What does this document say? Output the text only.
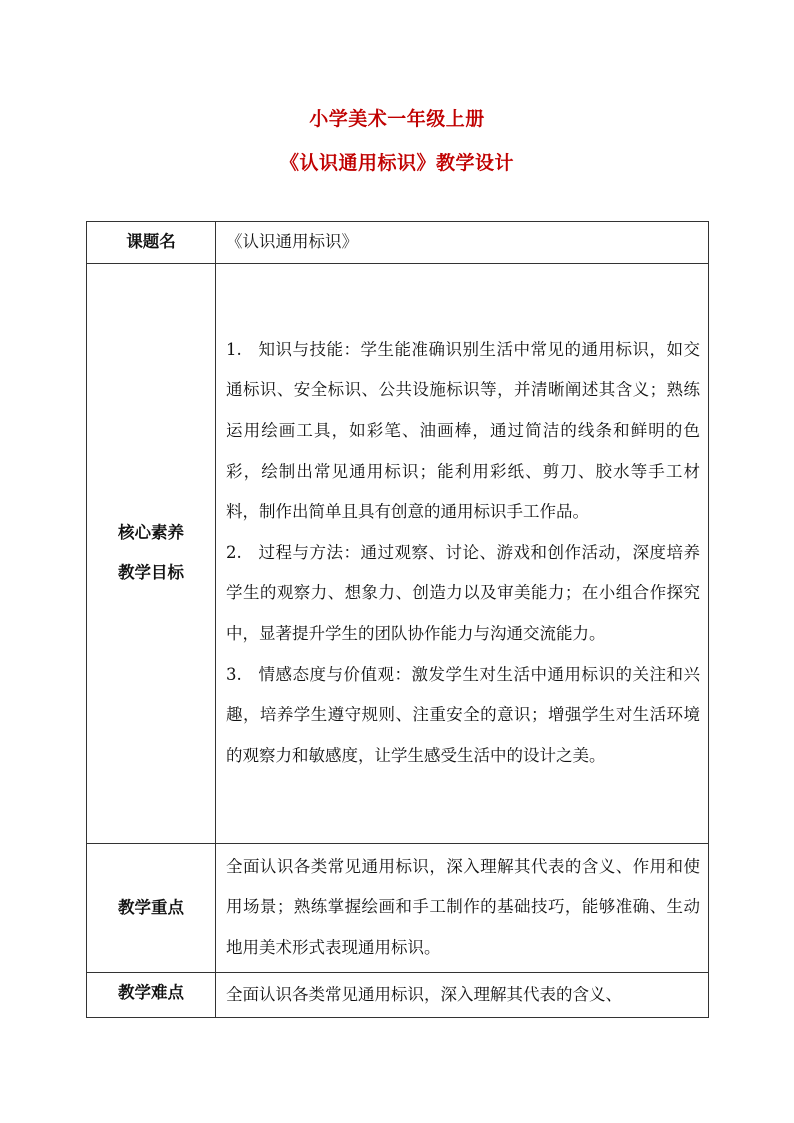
小学美术一年级上册
《认识通用标识》教学设计
课题名	《认识通用标识》

核心素养
教学目标	1. 知识与技能：学生能准确识别生活中常见的通用标识，如交通标识、安全标识、公共设施标识等，并清晰阐述其含义；熟练运用绘画工具，如彩笔、油画棒，通过简洁的线条和鲜明的色彩，绘制出常见通用标识；能利用彩纸、剪刀、胶水等手工材料，制作出简单且具有创意的通用标识手工作品。
2. 过程与方法：通过观察、讨论、游戏和创作活动，深度培养学生的观察力、想象力、创造力以及审美能力；在小组合作探究中，显著提升学生的团队协作能力与沟通交流能力。
3. 情感态度与价值观：激发学生对生活中通用标识的关注和兴趣，培养学生遵守规则、注重安全的意识；增强学生对生活环境的观察力和敏感度，让学生感受生活中的设计之美。

教学重点	全面认识各类常见通用标识，深入理解其代表的含义、作用和使用场景；熟练掌握绘画和手工制作的基础技巧，能够准确、生动地用美术形式表现通用标识。
教学难点	全面认识各类常见通用标识，深入理解其代表的含义、
